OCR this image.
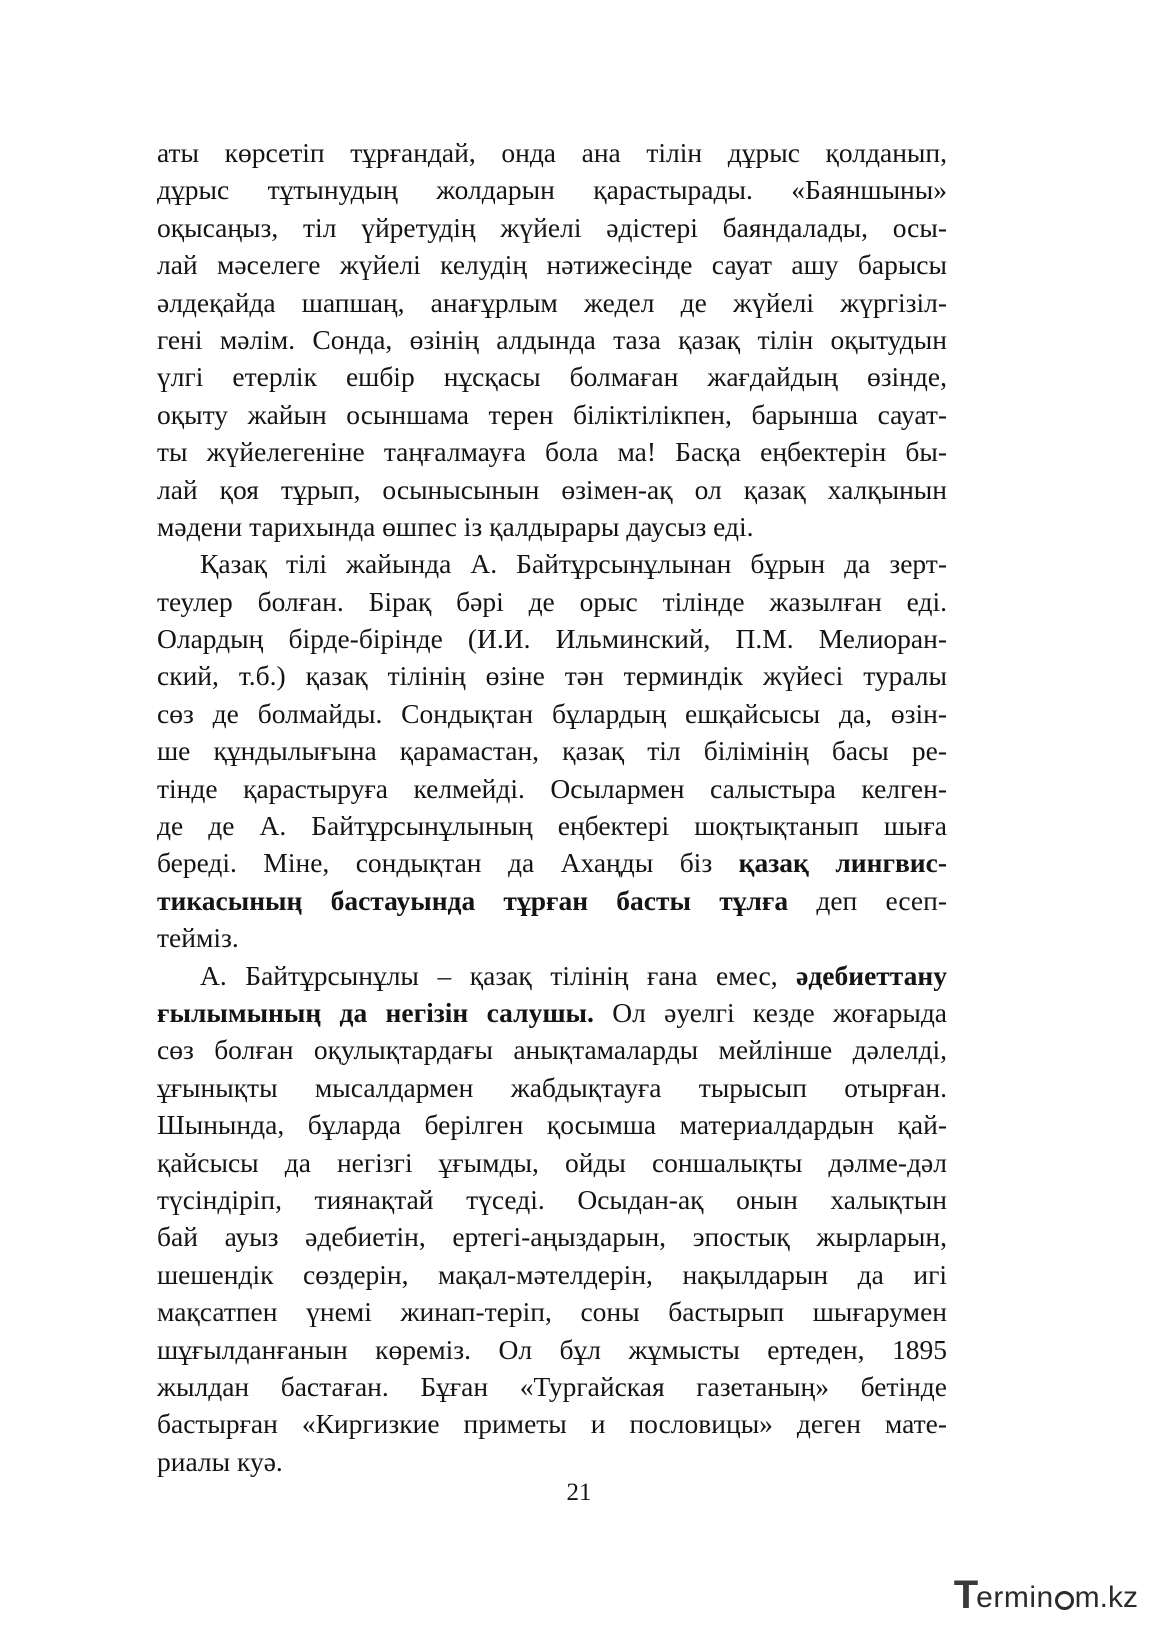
аты көрсетіп тұрғандай, онда ана тілін дұрыс қолданып,
дұрыс тұтынудың жолдарын қарастырады. «Баяншыны»
оқысаңыз, тіл үйретудің жүйелі әдістері баяндалады, осы-
лай мәселеге жүйелі келудің нәтижесінде сауат ашу барысы
әлдеқайда шапшаң, анағұрлым жедел де жүйелі жүргізіл-
гені мәлім. Сонда, өзінің алдында таза қазақ тілін оқытудын
үлгі етерлік ешбір нұсқасы болмаған жағдайдың өзінде,
оқыту жайын осыншама терен біліктілікпен, барынша сауат-
ты жүйелегеніне таңғалмауға бола ма! Басқа еңбектерін бы-
лай қоя тұрып, осынысынын өзімен-ақ ол қазақ халқынын
мәдени тарихында өшпес із қалдырары даусыз еді.
Қазақ тілі жайында А. Байтұрсынұлынан бұрын да зерт-
теулер болған. Бірақ бәрі де орыс тілінде жазылған еді.
Олардың бірде-бірінде (И.И. Ильминский, П.М. Мелиоран-
ский, т.б.) қазақ тілінің өзіне тән терминдік жүйесі туралы
сөз де болмайды. Сондықтан бұлардың ешқайсысы да, өзін-
ше құндылығына қарамастан, қазақ тіл білімінің басы ре-
тінде қарастыруға келмейді. Осылармен салыстыра келген-
де де А. Байтұрсынұлының еңбектері шоқтықтанып шыға
береді. Міне, сондықтан да Ахаңды біз қазақ лингвис-
тикасының бастауында тұрған басты тұлға деп есеп-
тейміз.
А. Байтұрсынұлы – қазақ тілінің ғана емес, әдебиеттану
ғылымының да негізін салушы. Ол әуелгі кезде жоғарыда
сөз болған оқулықтардағы анықтамаларды мейлінше дәлелді,
ұғынықты мысалдармен жабдықтауға тырысып отырған.
Шынында, бұларда берілген қосымша материалдардын қай-
қайсысы да негізгі ұғымды, ойды соншалықты дәлме-дәл
түсіндіріп, тиянақтай түседі. Осыдан-ақ онын халықтын
бай ауыз әдебиетін, ертегі-аңыздарын, эпостық жырларын,
шешендік сөздерін, мақал-мәтелдерін, нақылдарын да игі
мақсатпен үнемі жинап-теріп, соны бастырып шығарумен
шұғылданғанын көреміз. Ол бұл жұмысты ертеден, 1895
жылдан бастаған. Бұған «Тургайская газетаның» бетінде
бастырған «Киргизкие приметы и пословицы» деген мате-
риалы куә.
21
T ermin m.kz
